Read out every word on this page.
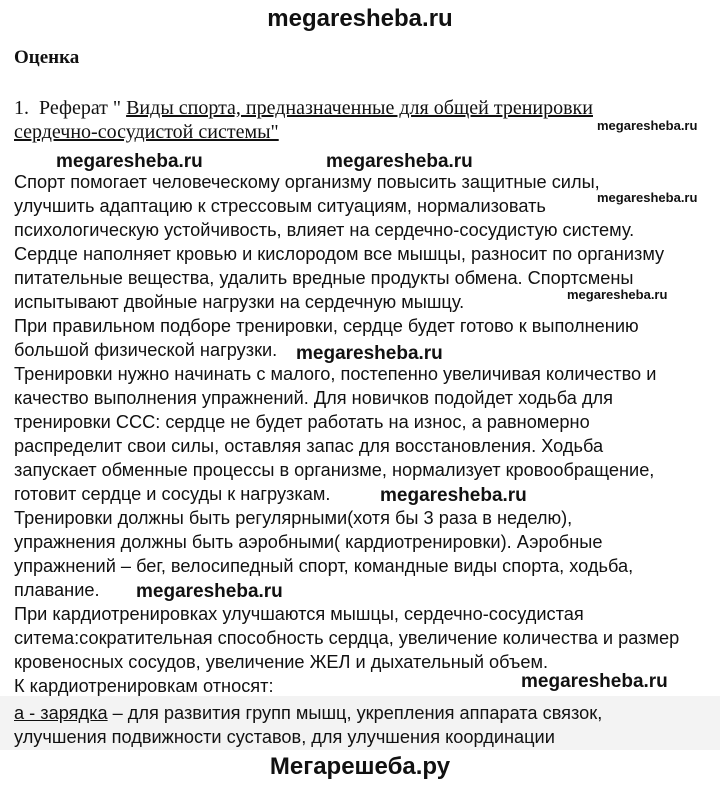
megaresheba.ru
Оценка
1. Реферат " Виды спорта, предназначенные для общей тренировки
сердечно-сосудистой системы"	megaresheba.ru
megaresheba.ru	megaresheba.ru
megaresheba.ru
megaresheba.ru
megaresheba.ru
megaresheba.ru
megaresheba.ru
Спорт помогает человеческому организму повысить защитные силы,
улучшить адаптацию к стрессовым ситуациям, нормализовать
психологическую устойчивость, влияет на сердечно-сосудистую систему.
Сердце наполняет кровью и кислородом все мышцы, разносит по организму
питательные вещества, удалить вредные продукты обмена. Спортсмены
испытывают двойные нагрузки на сердечную мышцу.
При правильном подборе тренировки, сердце будет готово к выполнению
большой физической нагрузки.
Тренировки нужно начинать с малого, постепенно увеличивая количество и
качество выполнения упражнений. Для новичков подойдет ходьба для
тренировки ССС: сердце не будет работать на износ, а равномерно
распределит свои силы, оставляя запас для восстановления. Ходьба
запускает обменные процессы в организме, нормализует кровообращение,
готовит сердце и сосуды к нагрузкам.
Тренировки должны быть регулярными(хотя бы 3 раза в неделю),
упражнения должны быть аэробными( кардиотренировки). Аэробные
упражнений – бег, велосипедный спорт, командные виды спорта, ходьба,
плавание.
При кардиотренировках улучшаются мышцы, сердечно-сосудистая
ситема:сократительная способность сердца, увеличение количества и размер
кровеносных сосудов, увеличение ЖЕЛ и дыхательный объем.
К кардиотренировкам относят:	megaresheba.ru
а - зарядка – для развития групп мышц, укрепления аппарата связок,
улучшения подвижности суставов, для улучшения координации
Мегарешеба.ру
